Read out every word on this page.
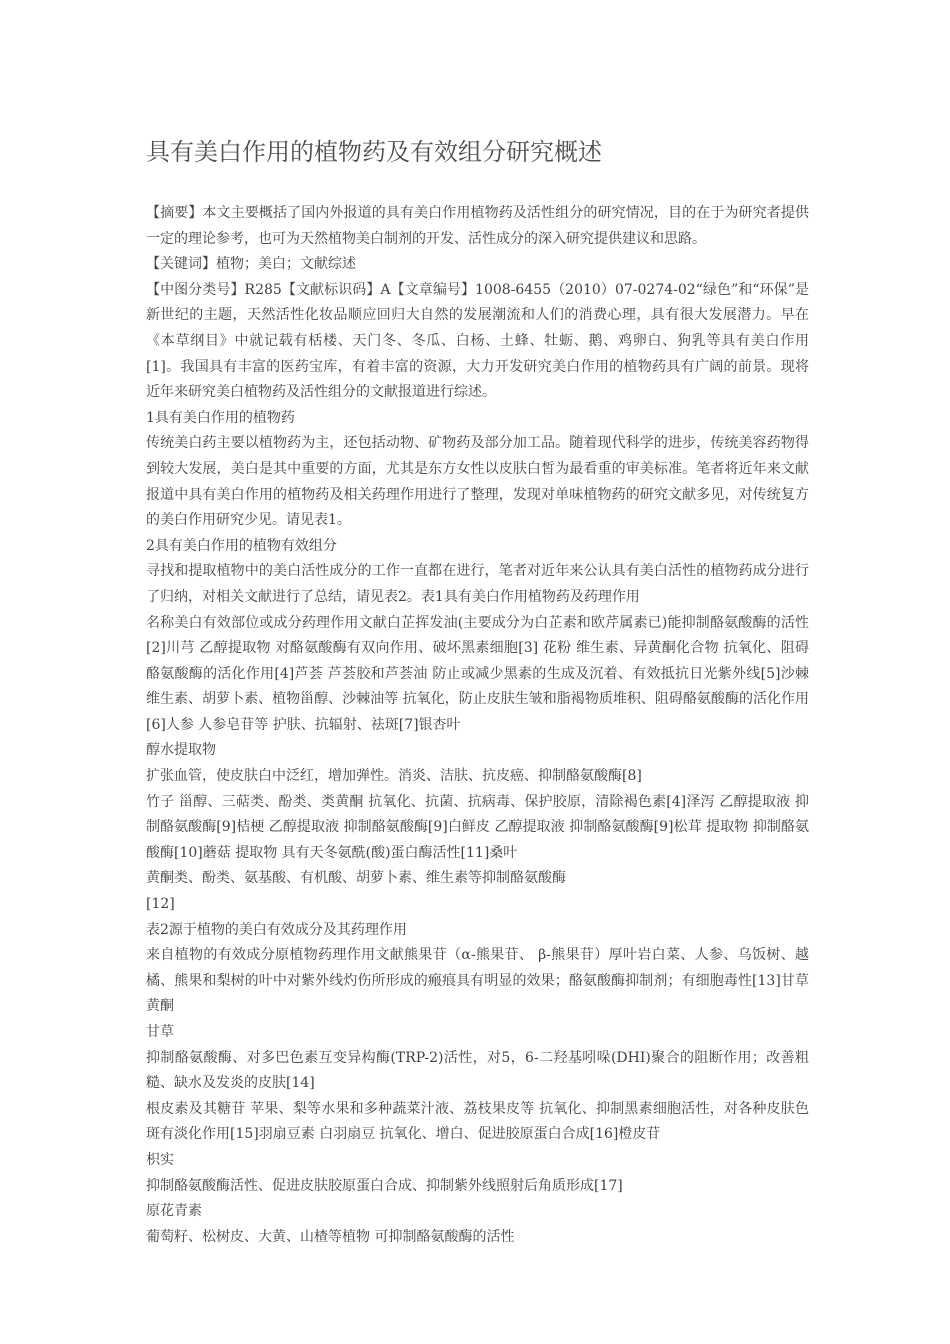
具有美白作用的植物药及有效组分研究概述

【摘要】本文主要概括了国内外报道的具有美白作用植物药及活性组分的研究情况，目的在于为研究者提供一定的理论参考，也可为天然植物美白制剂的开发、活性成分的深入研究提供建议和思路。

【关键词】植物；美白；文献综述

【中图分类号】R285【文献标识码】A【文章编号】1008-6455（2010）07-0274-02“绿色”和“环保”是新世纪的主题，天然活性化妆品顺应回归大自然的发展潮流和人们的消费心理，具有很大发展潜力。早在《本草纲目》中就记载有栝楼、天门冬、冬瓜、白杨、土蜂、牡蛎、鹅、鸡卵白、狗乳等具有美白作用[1]。我国具有丰富的医药宝库，有着丰富的资源，大力开发研究美白作用的植物药具有广阔的前景。现将近年来研究美白植物药及活性组分的文献报道进行综述。

1具有美白作用的植物药

传统美白药主要以植物药为主，还包括动物、矿物药及部分加工品。随着现代科学的进步，传统美容药物得到较大发展，美白是其中重要的方面，尤其是东方女性以皮肤白皙为最看重的审美标准。笔者将近年来文献报道中具有美白作用的植物药及相关药理作用进行了整理，发现对单味植物药的研究文献多见，对传统复方的美白作用研究少见。请见表1。

2具有美白作用的植物有效组分

寻找和提取植物中的美白活性成分的工作一直都在进行，笔者对近年来公认具有美白活性的植物药成分进行了归纳，对相关文献进行了总结，请见表2。表1具有美白作用植物药及药理作用

名称美白有效部位或成分药理作用文献白芷挥发油(主要成分为白芷素和欧芹属素已)能抑制酪氨酸酶的活性[2]川芎 乙醇提取物 对酪氨酸酶有双向作用、破坏黑素细胞[3] 花粉 维生素、异黄酮化合物 抗氧化、阻碍酪氨酸酶的活化作用[4]芦荟 芦荟胶和芦荟油 防止或减少黑素的生成及沉着、有效抵抗日光紫外线[5]沙棘 维生素、胡萝卜素、植物甾醇、沙棘油等 抗氧化，防止皮肤生皱和脂褐物质堆积、阻碍酪氨酸酶的活化作用[6]人参 人参皂苷等 护肤、抗辐射、祛斑[7]银杏叶

醇水提取物

扩张血管，使皮肤白中泛红，增加弹性。消炎、洁肤、抗皮癌、抑制酪氨酸酶[8]

竹子 甾醇、三萜类、酚类、类黄酮 抗氧化、抗菌、抗病毒、保护胶原，清除褐色素[4]泽泻 乙醇提取液 抑制酪氨酸酶[9]桔梗 乙醇提取液 抑制酪氨酸酶[9]白鲜皮 乙醇提取液 抑制酪氨酸酶[9]松茸 提取物 抑制酪氨酸酶[10]蘑菇 提取物 具有天冬氨酰(酸)蛋白酶活性[11]桑叶

黄酮类、酚类、氨基酸、有机酸、胡萝卜素、维生素等抑制酪氨酸酶

[12]

表2源于植物的美白有效成分及其药理作用

来自植物的有效成分原植物药理作用文献熊果苷（α-熊果苷、 β-熊果苷）厚叶岩白菜、人参、乌饭树、越橘、熊果和梨树的叶中对紫外线灼伤所形成的瘢痕具有明显的效果；酪氨酸酶抑制剂；有细胞毒性[13]甘草黄酮

甘草

抑制酪氨酸酶、对多巴色素互变异构酶(TRP-2)活性，对5，6-二羟基吲哚(DHI)聚合的阻断作用；改善粗糙、缺水及发炎的皮肤[14]

根皮素及其糖苷 苹果、梨等水果和多种蔬菜汁液、荔枝果皮等 抗氧化、抑制黑素细胞活性，对各种皮肤色斑有淡化作用[15]羽扇豆素 白羽扇豆 抗氧化、增白、促进胶原蛋白合成[16]橙皮苷

枳实

抑制酪氨酸酶活性、促进皮肤胶原蛋白合成、抑制紫外线照射后角质形成[17]

原花青素

葡萄籽、松树皮、大黄、山楂等植物 可抑制酪氨酸酶的活性
